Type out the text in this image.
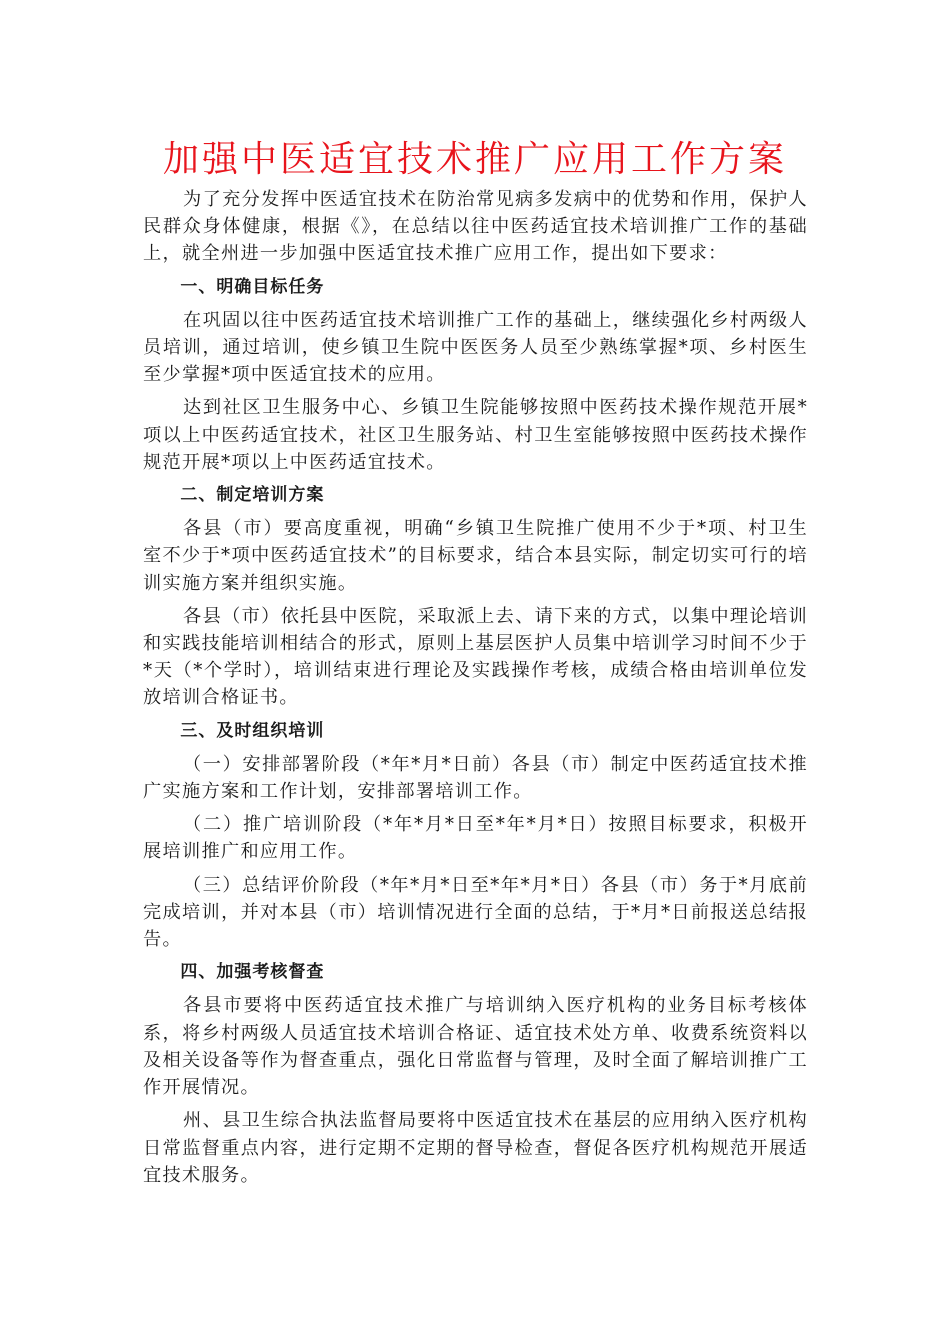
加强中医适宜技术推广应用工作方案

为了充分发挥中医适宜技术在防治常见病多发病中的优势和作用，保护人民群众身体健康，根据《》，在总结以往中医药适宜技术培训推广工作的基础上，就全州进一步加强中医适宜技术推广应用工作，提出如下要求：

一、明确目标任务

在巩固以往中医药适宜技术培训推广工作的基础上，继续强化乡村两级人员培训，通过培训，使乡镇卫生院中医医务人员至少熟练掌握*项、乡村医生至少掌握*项中医适宜技术的应用。

达到社区卫生服务中心、乡镇卫生院能够按照中医药技术操作规范开展*项以上中医药适宜技术，社区卫生服务站、村卫生室能够按照中医药技术操作规范开展*项以上中医药适宜技术。

二、制定培训方案

各县（市）要高度重视，明确“乡镇卫生院推广使用不少于*项、村卫生室不少于*项中医药适宜技术”的目标要求，结合本县实际，制定切实可行的培训实施方案并组织实施。

各县（市）依托县中医院，采取派上去、请下来的方式，以集中理论培训和实践技能培训相结合的形式，原则上基层医护人员集中培训学习时间不少于*天（*个学时），培训结束进行理论及实践操作考核，成绩合格由培训单位发放培训合格证书。

三、及时组织培训

（一）安排部署阶段（*年*月*日前）各县（市）制定中医药适宜技术推广实施方案和工作计划，安排部署培训工作。

（二）推广培训阶段（*年*月*日至*年*月*日）按照目标要求，积极开展培训推广和应用工作。

（三）总结评价阶段（*年*月*日至*年*月*日）各县（市）务于*月底前完成培训，并对本县（市）培训情况进行全面的总结，于*月*日前报送总结报告。

四、加强考核督查

各县市要将中医药适宜技术推广与培训纳入医疗机构的业务目标考核体系，将乡村两级人员适宜技术培训合格证、适宜技术处方单、收费系统资料以及相关设备等作为督查重点，强化日常监督与管理，及时全面了解培训推广工作开展情况。

州、县卫生综合执法监督局要将中医适宜技术在基层的应用纳入医疗机构日常监督重点内容，进行定期不定期的督导检查，督促各医疗机构规范开展适宜技术服务。
